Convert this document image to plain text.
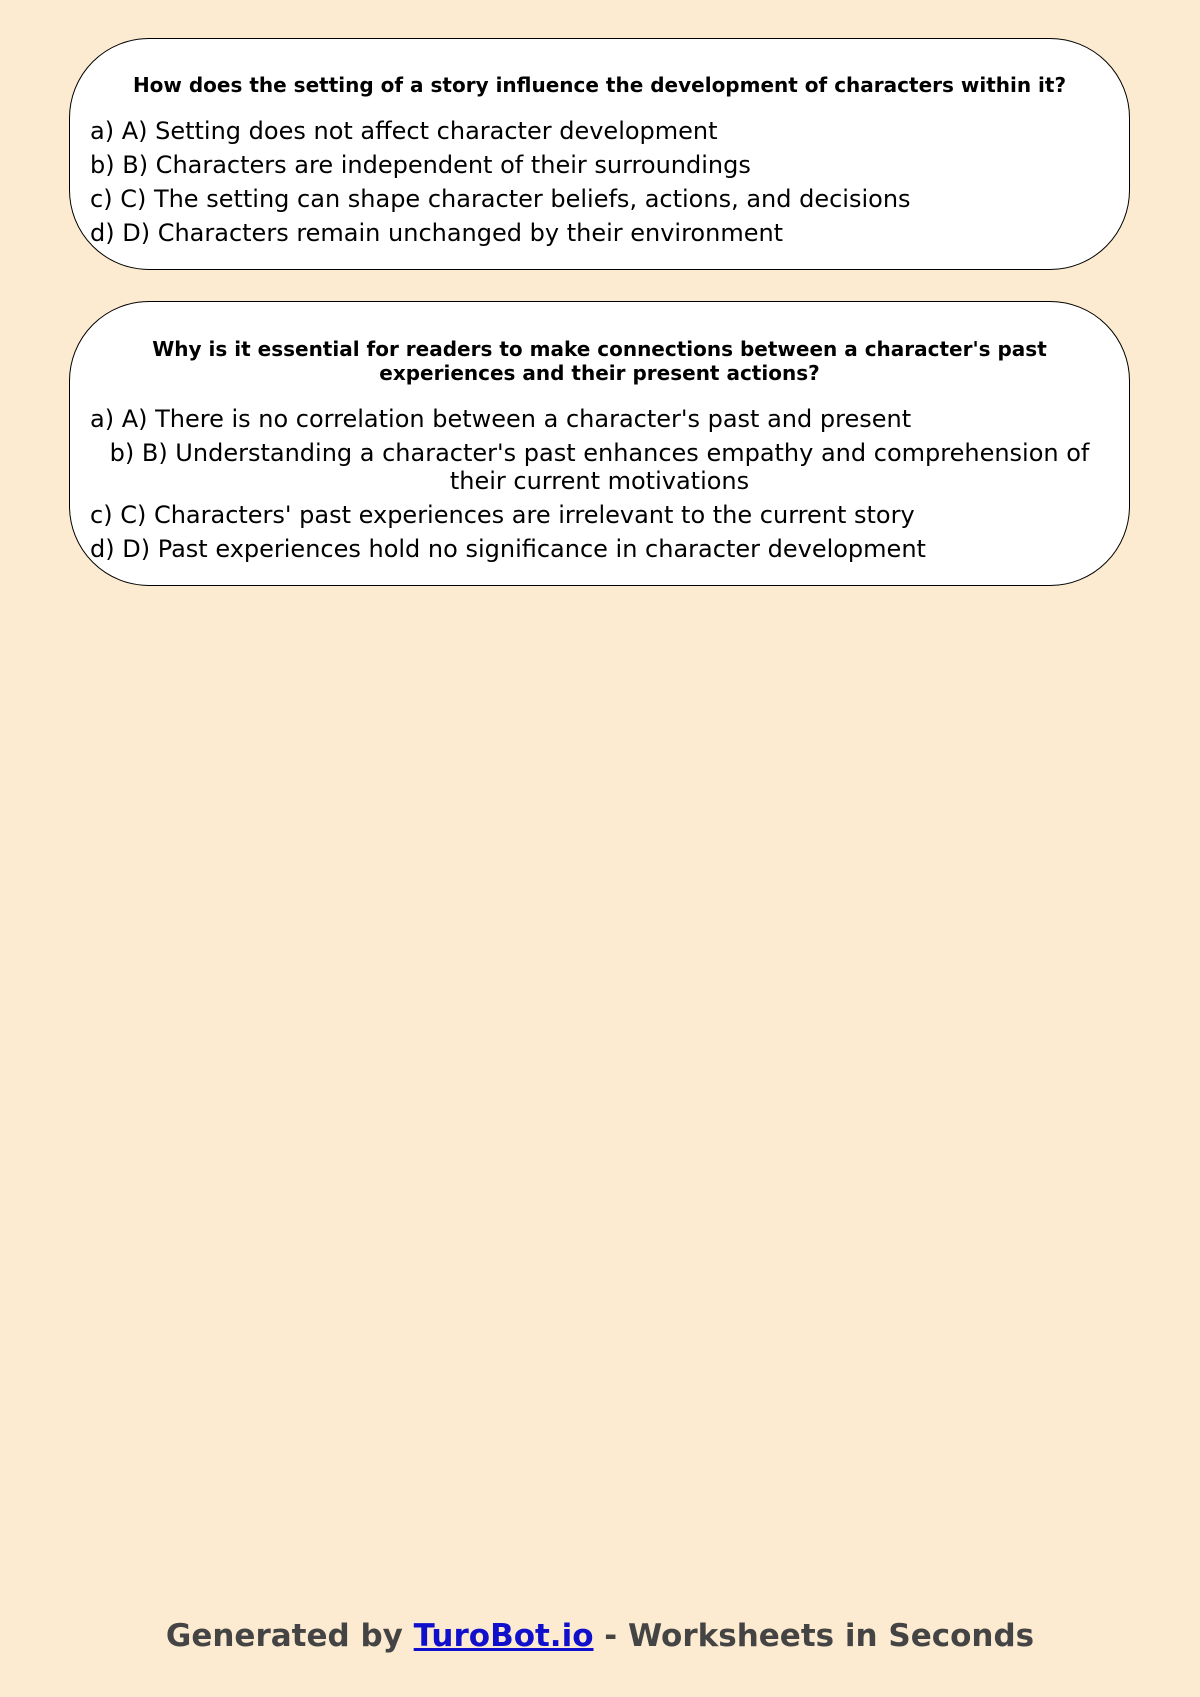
How does the setting of a story influence the development of characters within it?

a) A) Setting does not affect character development
b) B) Characters are independent of their surroundings
c) C) The setting can shape character beliefs, actions, and decisions
d) D) Characters remain unchanged by their environment

Why is it essential for readers to make connections between a character's past experiences and their present actions?

a) A) There is no correlation between a character's past and present
b) B) Understanding a character's past enhances empathy and comprehension of their current motivations
c) C) Characters' past experiences are irrelevant to the current story
d) D) Past experiences hold no significance in character development
Generated by TuroBot.io - Worksheets in Seconds
